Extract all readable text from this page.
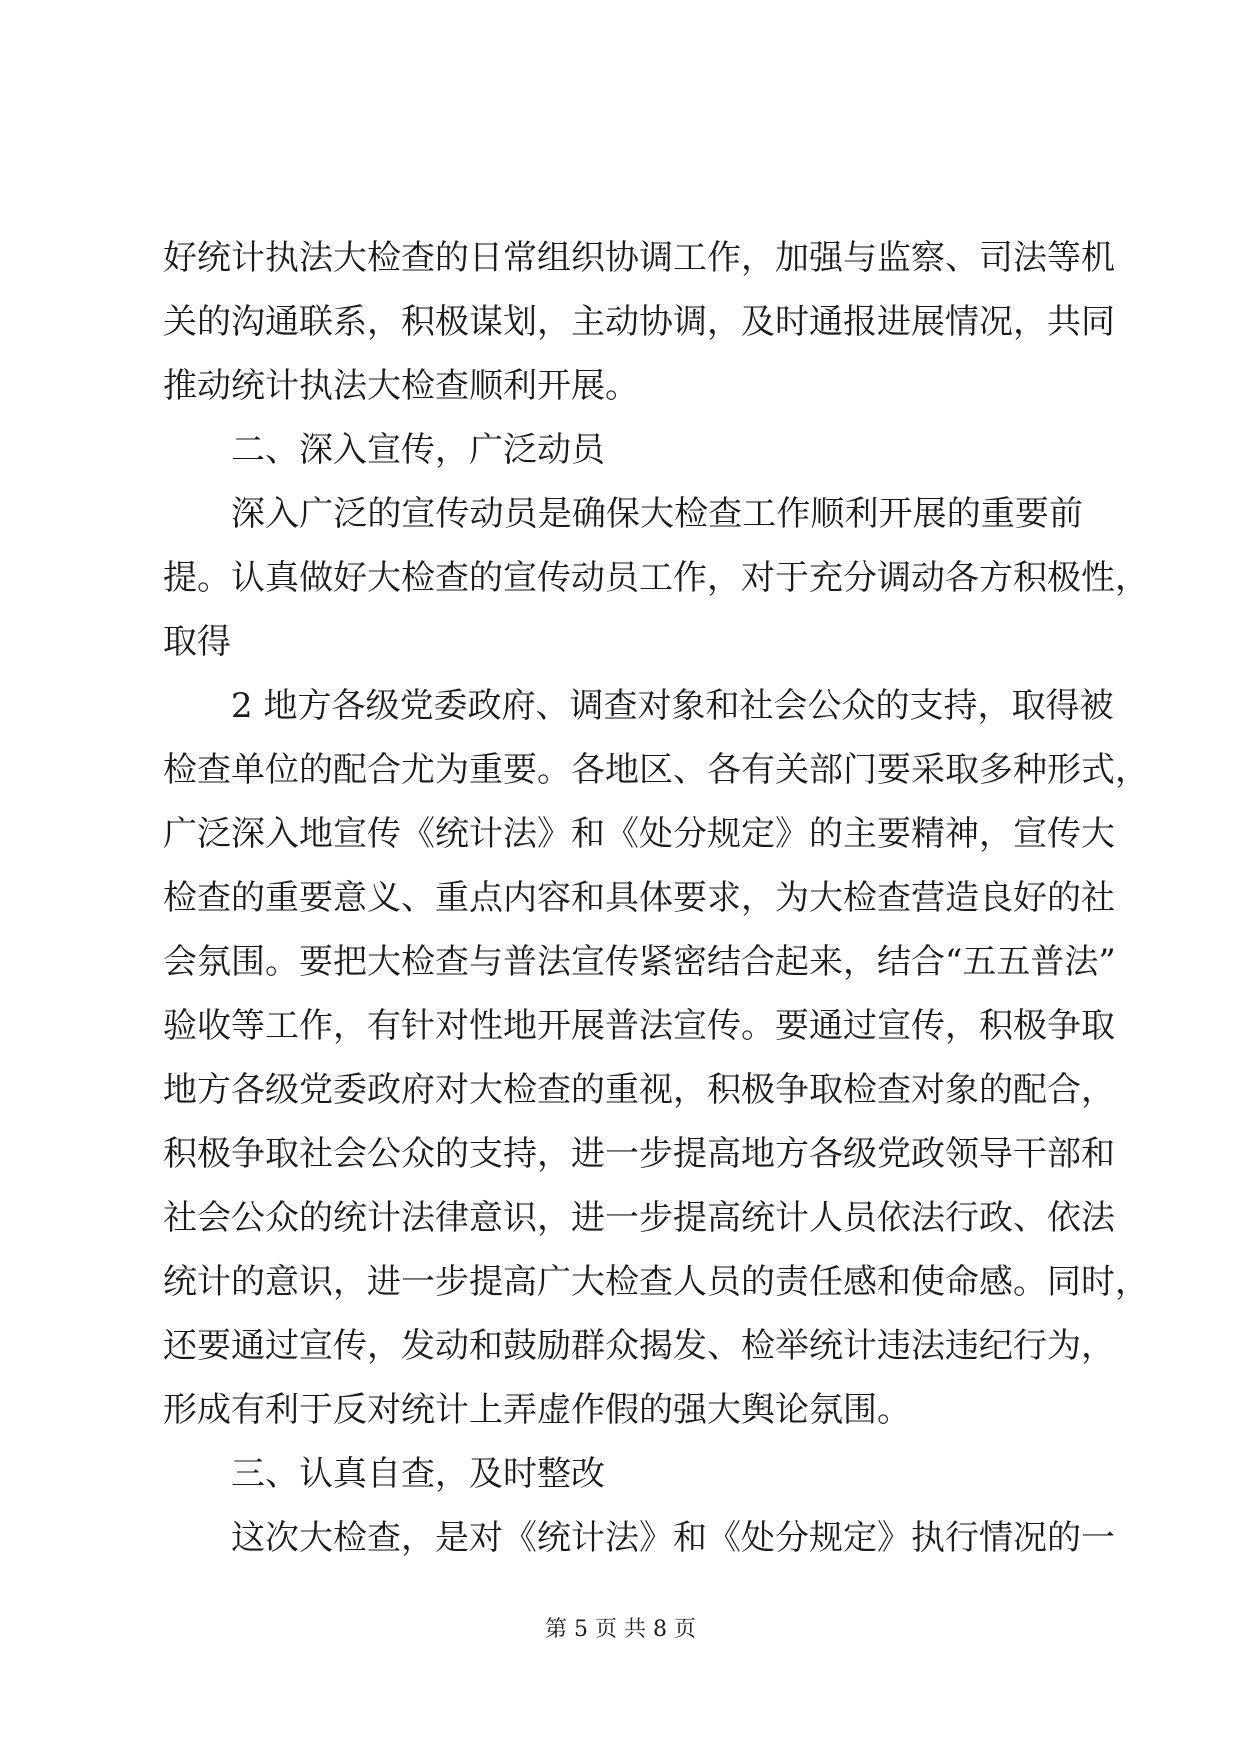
好统计执法大检查的日常组织协调工作，加强与监察、司法等机
关的沟通联系，积极谋划，主动协调，及时通报进展情况，共同
推动统计执法大检查顺利开展。
二、深入宣传，广泛动员
深入广泛的宣传动员是确保大检查工作顺利开展的重要前
提。认真做好大检查的宣传动员工作，对于充分调动各方积极性，
取得
2 地方各级党委政府、调查对象和社会公众的支持，取得被
检查单位的配合尤为重要。各地区、各有关部门要采取多种形式，
广泛深入地宣传《统计法》和《处分规定》的主要精神，宣传大
检查的重要意义、重点内容和具体要求，为大检查营造良好的社
会氛围。要把大检查与普法宣传紧密结合起来，结合“五五普法”
验收等工作，有针对性地开展普法宣传。要通过宣传，积极争取
地方各级党委政府对大检查的重视，积极争取检查对象的配合，
积极争取社会公众的支持，进一步提高地方各级党政领导干部和
社会公众的统计法律意识，进一步提高统计人员依法行政、依法
统计的意识，进一步提高广大检查人员的责任感和使命感。同时，
还要通过宣传，发动和鼓励群众揭发、检举统计违法违纪行为，
形成有利于反对统计上弄虚作假的强大舆论氛围。
三、认真自查，及时整改
这次大检查，是对《统计法》和《处分规定》执行情况的一
第 5 页 共 8 页
